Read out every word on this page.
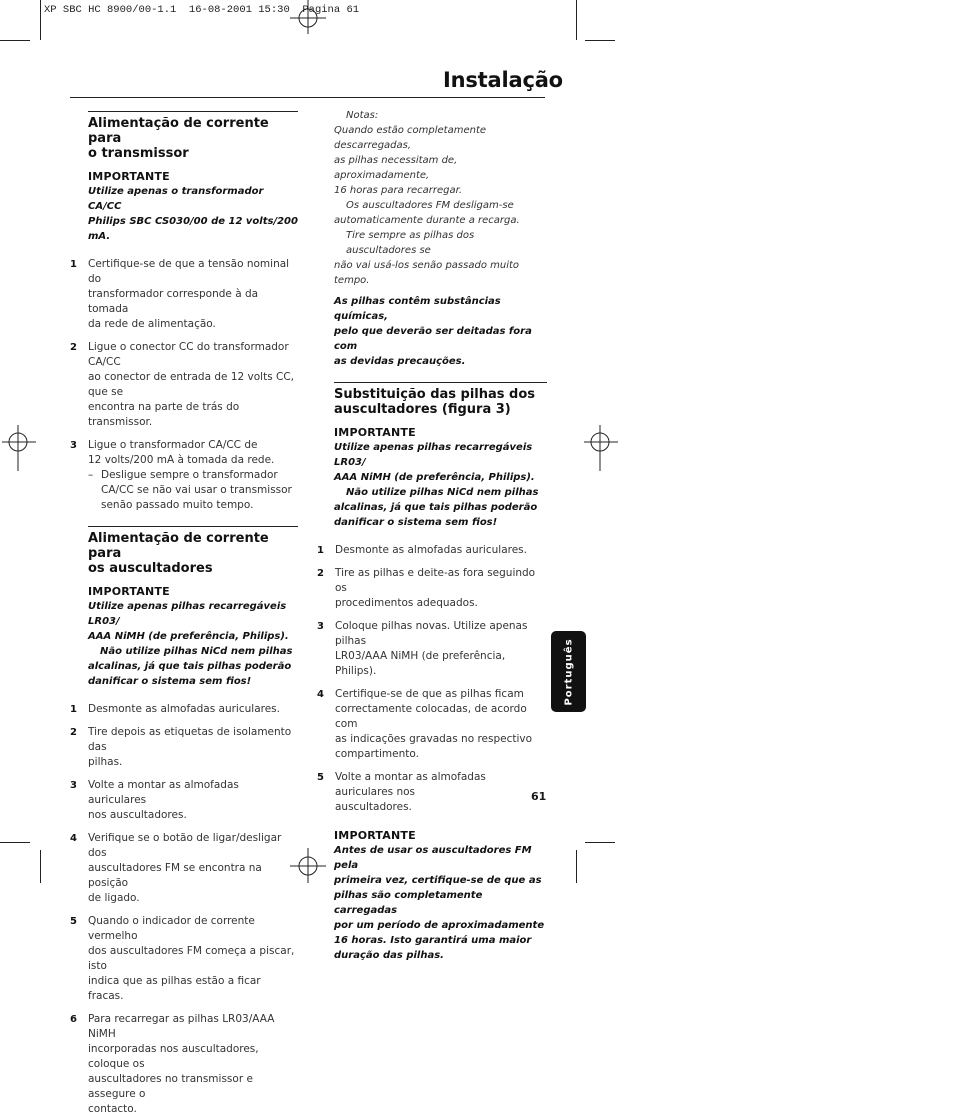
XP SBC HC 8900/00-1.1  16-08-2001 15:30  Pagina 61
Instalação
Alimentação de corrente para
o transmissor
IMPORTANTE
Utilize apenas o transformador CA/CC
Philips SBC CS030/00 de 12 volts/200 mA.
1 Certifique-se de que a tensão nominal do
transformador corresponde à da tomada
da rede de alimentação.
2 Ligue o conector CC do transformador CA/CC
ao conector de entrada de 12 volts CC, que se
encontra na parte de trás do transmissor.
3 Ligue o transformador CA/CC de
12 volts/200 mA à tomada da rede.
– Desligue sempre o transformador
CA/CC se não vai usar o transmissor
senão passado muito tempo.
Alimentação de corrente para
os auscultadores
IMPORTANTE
Utilize apenas pilhas recarregáveis LR03/
AAA NiMH (de preferência, Philips).
Não utilize pilhas NiCd nem pilhas
alcalinas, já que tais pilhas poderão
danificar o sistema sem fios!
1 Desmonte as almofadas auriculares.
2 Tire depois as etiquetas de isolamento das
pilhas.
3 Volte a montar as almofadas auriculares
nos auscultadores.
4 Verifique se o botão de ligar/desligar dos
auscultadores FM se encontra na posição
de ligado.
5 Quando o indicador de corrente vermelho
dos auscultadores FM começa a piscar, isto
indica que as pilhas estão a ficar fracas.
6 Para recarregar as pilhas LR03/AAA NiMH
incorporadas nos auscultadores, coloque os
auscultadores no transmissor e assegure o
contacto.
Notas:
Quando estão completamente descarregadas,
as pilhas necessitam de, aproximadamente,
16 horas para recarregar.
Os auscultadores FM desligam-se
automaticamente durante a recarga.
Tire sempre as pilhas dos auscultadores se
não vai usá-los senão passado muito tempo.
As pilhas contêm substâncias químicas,
pelo que deverão ser deitadas fora com
as devidas precauções.
Substituição das pilhas dos
auscultadores (figura 3)
IMPORTANTE
Utilize apenas pilhas recarregáveis LR03/
AAA NiMH (de preferência, Philips).
Não utilize pilhas NiCd nem pilhas
alcalinas, já que tais pilhas poderão
danificar o sistema sem fios!
1 Desmonte as almofadas auriculares.
2 Tire as pilhas e deite-as fora seguindo os
procedimentos adequados.
3 Coloque pilhas novas. Utilize apenas pilhas
LR03/AAA NiMH (de preferência, Philips).
4 Certifique-se de que as pilhas ficam
correctamente colocadas, de acordo com
as indicações gravadas no respectivo
compartimento.
5 Volte a montar as almofadas auriculares nos
auscultadores.
IMPORTANTE
Antes de usar os auscultadores FM pela
primeira vez, certifique-se de que as
pilhas são completamente carregadas
por um período de aproximadamente
16 horas. Isto garantirá uma maior
duração das pilhas.
Português
61
